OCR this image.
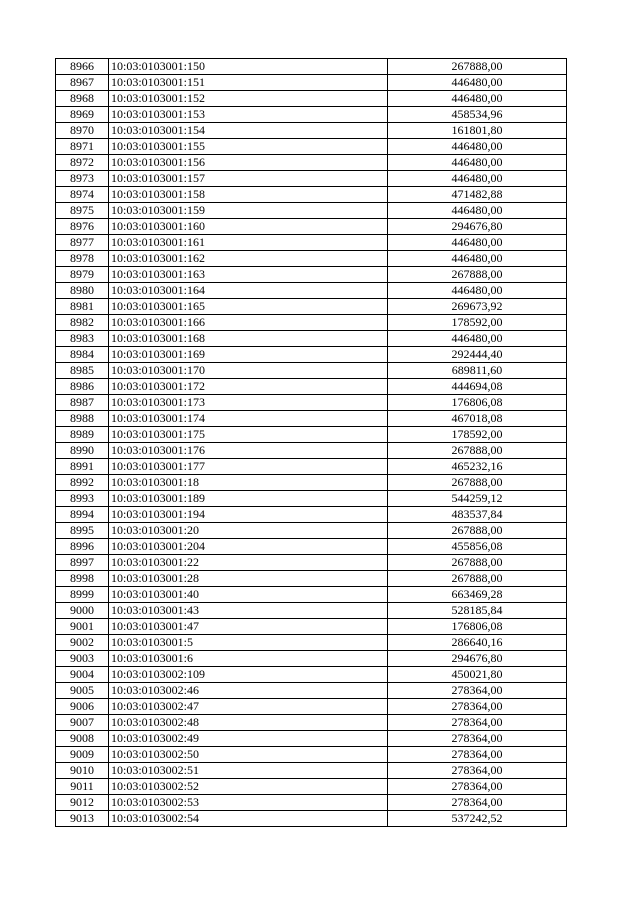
8966	10:03:0103001:150	267888,00
8967	10:03:0103001:151	446480,00
8968	10:03:0103001:152	446480,00
8969	10:03:0103001:153	458534,96
8970	10:03:0103001:154	161801,80
8971	10:03:0103001:155	446480,00
8972	10:03:0103001:156	446480,00
8973	10:03:0103001:157	446480,00
8974	10:03:0103001:158	471482,88
8975	10:03:0103001:159	446480,00
8976	10:03:0103001:160	294676,80
8977	10:03:0103001:161	446480,00
8978	10:03:0103001:162	446480,00
8979	10:03:0103001:163	267888,00
8980	10:03:0103001:164	446480,00
8981	10:03:0103001:165	269673,92
8982	10:03:0103001:166	178592,00
8983	10:03:0103001:168	446480,00
8984	10:03:0103001:169	292444,40
8985	10:03:0103001:170	689811,60
8986	10:03:0103001:172	444694,08
8987	10:03:0103001:173	176806,08
8988	10:03:0103001:174	467018,08
8989	10:03:0103001:175	178592,00
8990	10:03:0103001:176	267888,00
8991	10:03:0103001:177	465232,16
8992	10:03:0103001:18	267888,00
8993	10:03:0103001:189	544259,12
8994	10:03:0103001:194	483537,84
8995	10:03:0103001:20	267888,00
8996	10:03:0103001:204	455856,08
8997	10:03:0103001:22	267888,00
8998	10:03:0103001:28	267888,00
8999	10:03:0103001:40	663469,28
9000	10:03:0103001:43	528185,84
9001	10:03:0103001:47	176806,08
9002	10:03:0103001:5	286640,16
9003	10:03:0103001:6	294676,80
9004	10:03:0103002:109	450021,80
9005	10:03:0103002:46	278364,00
9006	10:03:0103002:47	278364,00
9007	10:03:0103002:48	278364,00
9008	10:03:0103002:49	278364,00
9009	10:03:0103002:50	278364,00
9010	10:03:0103002:51	278364,00
9011	10:03:0103002:52	278364,00
9012	10:03:0103002:53	278364,00
9013	10:03:0103002:54	537242,52
